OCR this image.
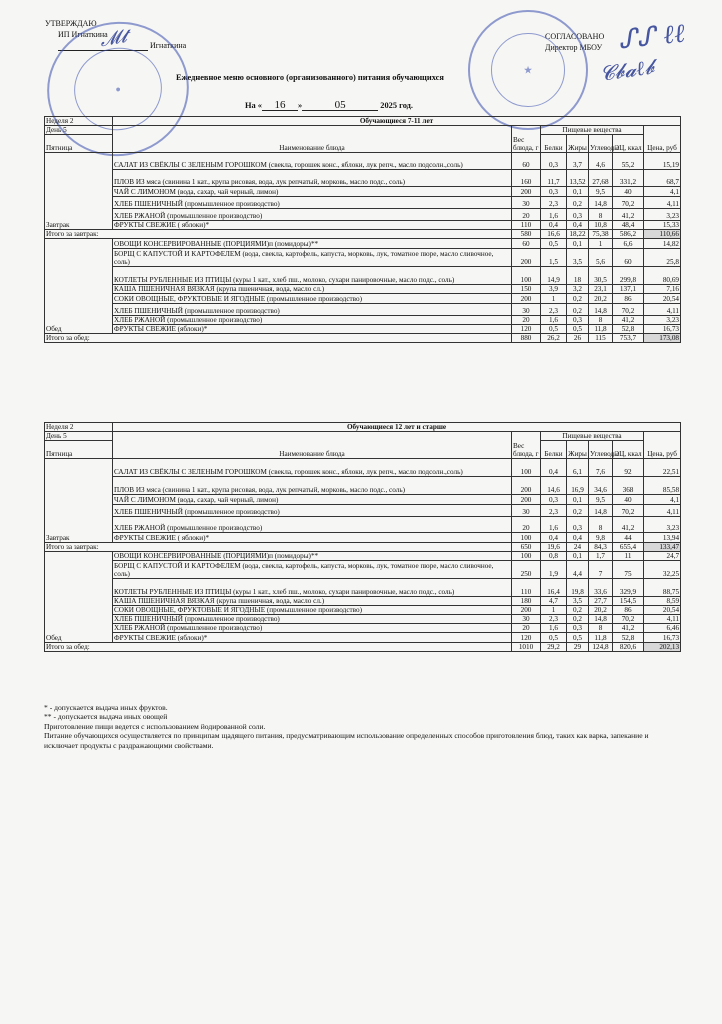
УТВЕРЖДАЮ
ИП Игнаткина
Игнаткина
СОГЛАСОВАНО
Директор МБОУ
Ежедневное меню основного (организованного) питания обучающихся
На « 16 »	05	2025 год.
●
★
ᔑᔑ ℓℓ
𝓒𝓫𝓪ℓ𝓫
𝓜𝓽
Неделя 2	Обучающиеся 7-11 лет						
День 5	Наименование блюда	Вес блюда, г	Пищевые вещества				Цена, руб
Пятница			Белки	Жиры	Углеводы	ЭЦ, ккал	

Завтрак	САЛАТ ИЗ СВЁКЛЫ С ЗЕЛЕНЫМ ГОРОШКОМ (свекла, горошек конс., яблоки, лук репч., масло подсолн.,соль)	60	0,3	3,7	4,6	55,2	15,19
	ПЛОВ ИЗ мяса (свинина 1 кат., крупа рисовая, вода, лук репчатый, морковь, масло подс., соль)	160	11,7	13,52	27,68	331,2	68,7
	ЧАЙ С ЛИМОНОМ (вода, сахар, чай черный, лимон)	200	0,3	0,1	9,5	40	4,1
	ХЛЕБ ПШЕНИЧНЫЙ (промышленное производство)	30	2,3	0,2	14,8	70,2	4,11
	ХЛЕБ РЖАНОЙ (промышленное производство)	20	1,6	0,3	8	41,2	3,23
	ФРУКТЫ СВЕЖИЕ ( яблоки)*	110	0,4	0,4	10,8	48,4	15,33
Итого за завтрак:		580	16,6	18,22	75,38	586,2	110,66
Обед	ОВОЩИ КОНСЕРВИРОВАННЫЕ (ПОРЦИЯМИ)п (помидоры)**	60	0,5	0,1	1	6,6	14,82
	БОРЩ С КАПУСТОЙ И КАРТОФЕЛЕМ (вода, свекла, картофель, капуста, морковь, лук, томатное пюре, масло сливочное, соль)	200	1,5	3,5	5,6	60	25,8
	КОТЛЕТЫ РУБЛЕННЫЕ ИЗ ПТИЦЫ (куры 1 кат., хлеб пш., молоко, сухари панировочные, масло подс., соль)	100	14,9	18	30,5	299,8	80,69
	КАША ПШЕНИЧНАЯ ВЯЗКАЯ (крупа пшеничная, вода, масло сл.)	150	3,9	3,2	23,1	137,1	7,16
	СОКИ ОВОЩНЫЕ, ФРУКТОВЫЕ И ЯГОДНЫЕ (промышленное производство)	200	1	0,2	20,2	86	20,54
	ХЛЕБ ПШЕНИЧНЫЙ (промышленное производство)	30	2,3	0,2	14,8	70,2	4,11
	ХЛЕБ РЖАНОЙ (промышленное производство)	20	1,6	0,3	8	41,2	3,23
	ФРУКТЫ СВЕЖИЕ (яблоки)*	120	0,5	0,5	11,8	52,8	16,73
Итого за обед:		880	26,2	26	115	753,7	173,08
Неделя 2	Обучающиеся 12 лет и старше						
День 5	Наименование блюда	Вес блюда, г	Пищевые вещества				Цена, руб
Пятница			Белки	Жиры	Углеводы	ЭЦ, ккал	

Завтрак	САЛАТ ИЗ СВЁКЛЫ С ЗЕЛЕНЫМ ГОРОШКОМ (свекла, горошек конс., яблоки, лук репч., масло подсолн.,соль)	100	0,4	6,1	7,6	92	22,51
	ПЛОВ ИЗ мяса (свинина 1 кат., крупа рисовая, вода, лук репчатый, морковь, масло подс., соль)	200	14,6	16,9	34,6	368	85,58
	ЧАЙ С ЛИМОНОМ (вода, сахар, чай черный, лимон)	200	0,3	0,1	9,5	40	4,1
	ХЛЕБ ПШЕНИЧНЫЙ (промышленное производство)	30	2,3	0,2	14,8	70,2	4,11
	ХЛЕБ РЖАНОЙ (промышленное производство)	20	1,6	0,3	8	41,2	3,23
	ФРУКТЫ СВЕЖИЕ ( яблоки)*	100	0,4	0,4	9,8	44	13,94
Итого за завтрак:		650	19,6	24	84,3	655,4	133,47
Обед	ОВОЩИ КОНСЕРВИРОВАННЫЕ (ПОРЦИЯМИ)п (помидоры)**	100	0,8	0,1	1,7	11	24,7
	БОРЩ С КАПУСТОЙ И КАРТОФЕЛЕМ (вода, свекла, картофель, капуста, морковь, лук, томатное пюре, масло сливочное, соль)	250	1,9	4,4	7	75	32,25
	КОТЛЕТЫ РУБЛЕННЫЕ ИЗ ПТИЦЫ (куры 1 кат., хлеб пш., молоко, сухари панировочные, масло подс., соль)	110	16,4	19,8	33,6	329,9	88,75
	КАША ПШЕНИЧНАЯ ВЯЗКАЯ (крупа пшеничная, вода, масло сл.)	180	4,7	3,5	27,7	154,5	8,59
	СОКИ ОВОЩНЫЕ, ФРУКТОВЫЕ И ЯГОДНЫЕ (промышленное производство)	200	1	0,2	20,2	86	20,54
	ХЛЕБ ПШЕНИЧНЫЙ (промышленное производство)	30	2,3	0,2	14,8	70,2	4,11
	ХЛЕБ РЖАНОЙ (промышленное производство)	20	1,6	0,3	8	41,2	6,46
	ФРУКТЫ СВЕЖИЕ (яблоки)*	120	0,5	0,5	11,8	52,8	16,73
Итого за обед:		1010	29,2	29	124,8	820,6	202,13
* - допускается выдача иных фруктов.
** - допускается выдача иных овощей
Приготовление пищи ведется с использованием йодированной соли.
Питание обучающихся осуществляется по принципам щадящего питания, предусматривающим использование определенных способов приготовления блюд, таких как варка, запекание и исключает продукты с раздражающими свойствами.
